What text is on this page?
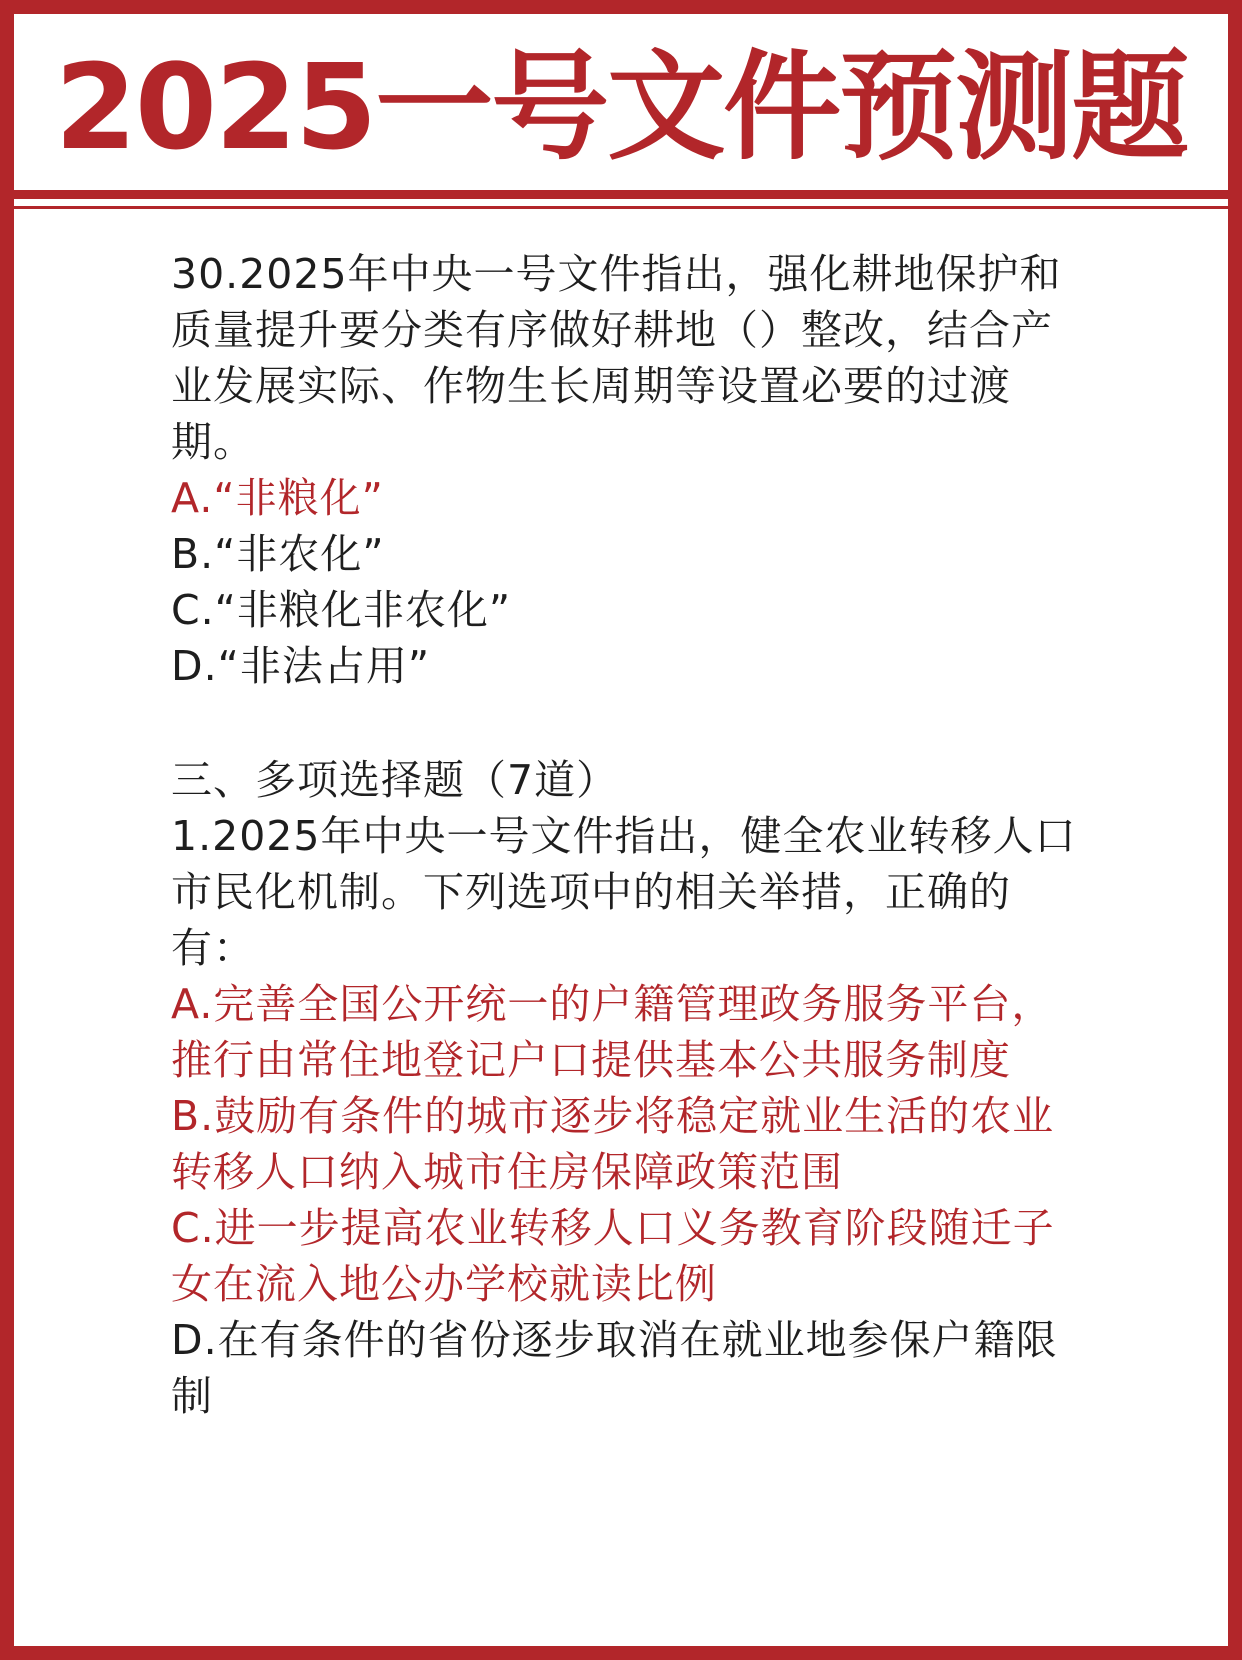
2025一号文件预测题

30.2025年中央一号文件指出，强化耕地保护和质量提升要分类有序做好耕地（）整改，结合产业发展实际、作物生长周期等设置必要的过渡期。

A.“非粮化”

B.“非农化”

C.“非粮化非农化”

D.“非法占用”

三、多项选择题（7道）

1.2025年中央一号文件指出，健全农业转移人口市民化机制。下列选项中的相关举措，正确的有：

A.完善全国公开统一的户籍管理政务服务平台，推行由常住地登记户口提供基本公共服务制度

B.鼓励有条件的城市逐步将稳定就业生活的农业转移人口纳入城市住房保障政策范围

C.进一步提高农业转移人口义务教育阶段随迁子女在流入地公办学校就读比例

D.在有条件的省份逐步取消在就业地参保户籍限制
